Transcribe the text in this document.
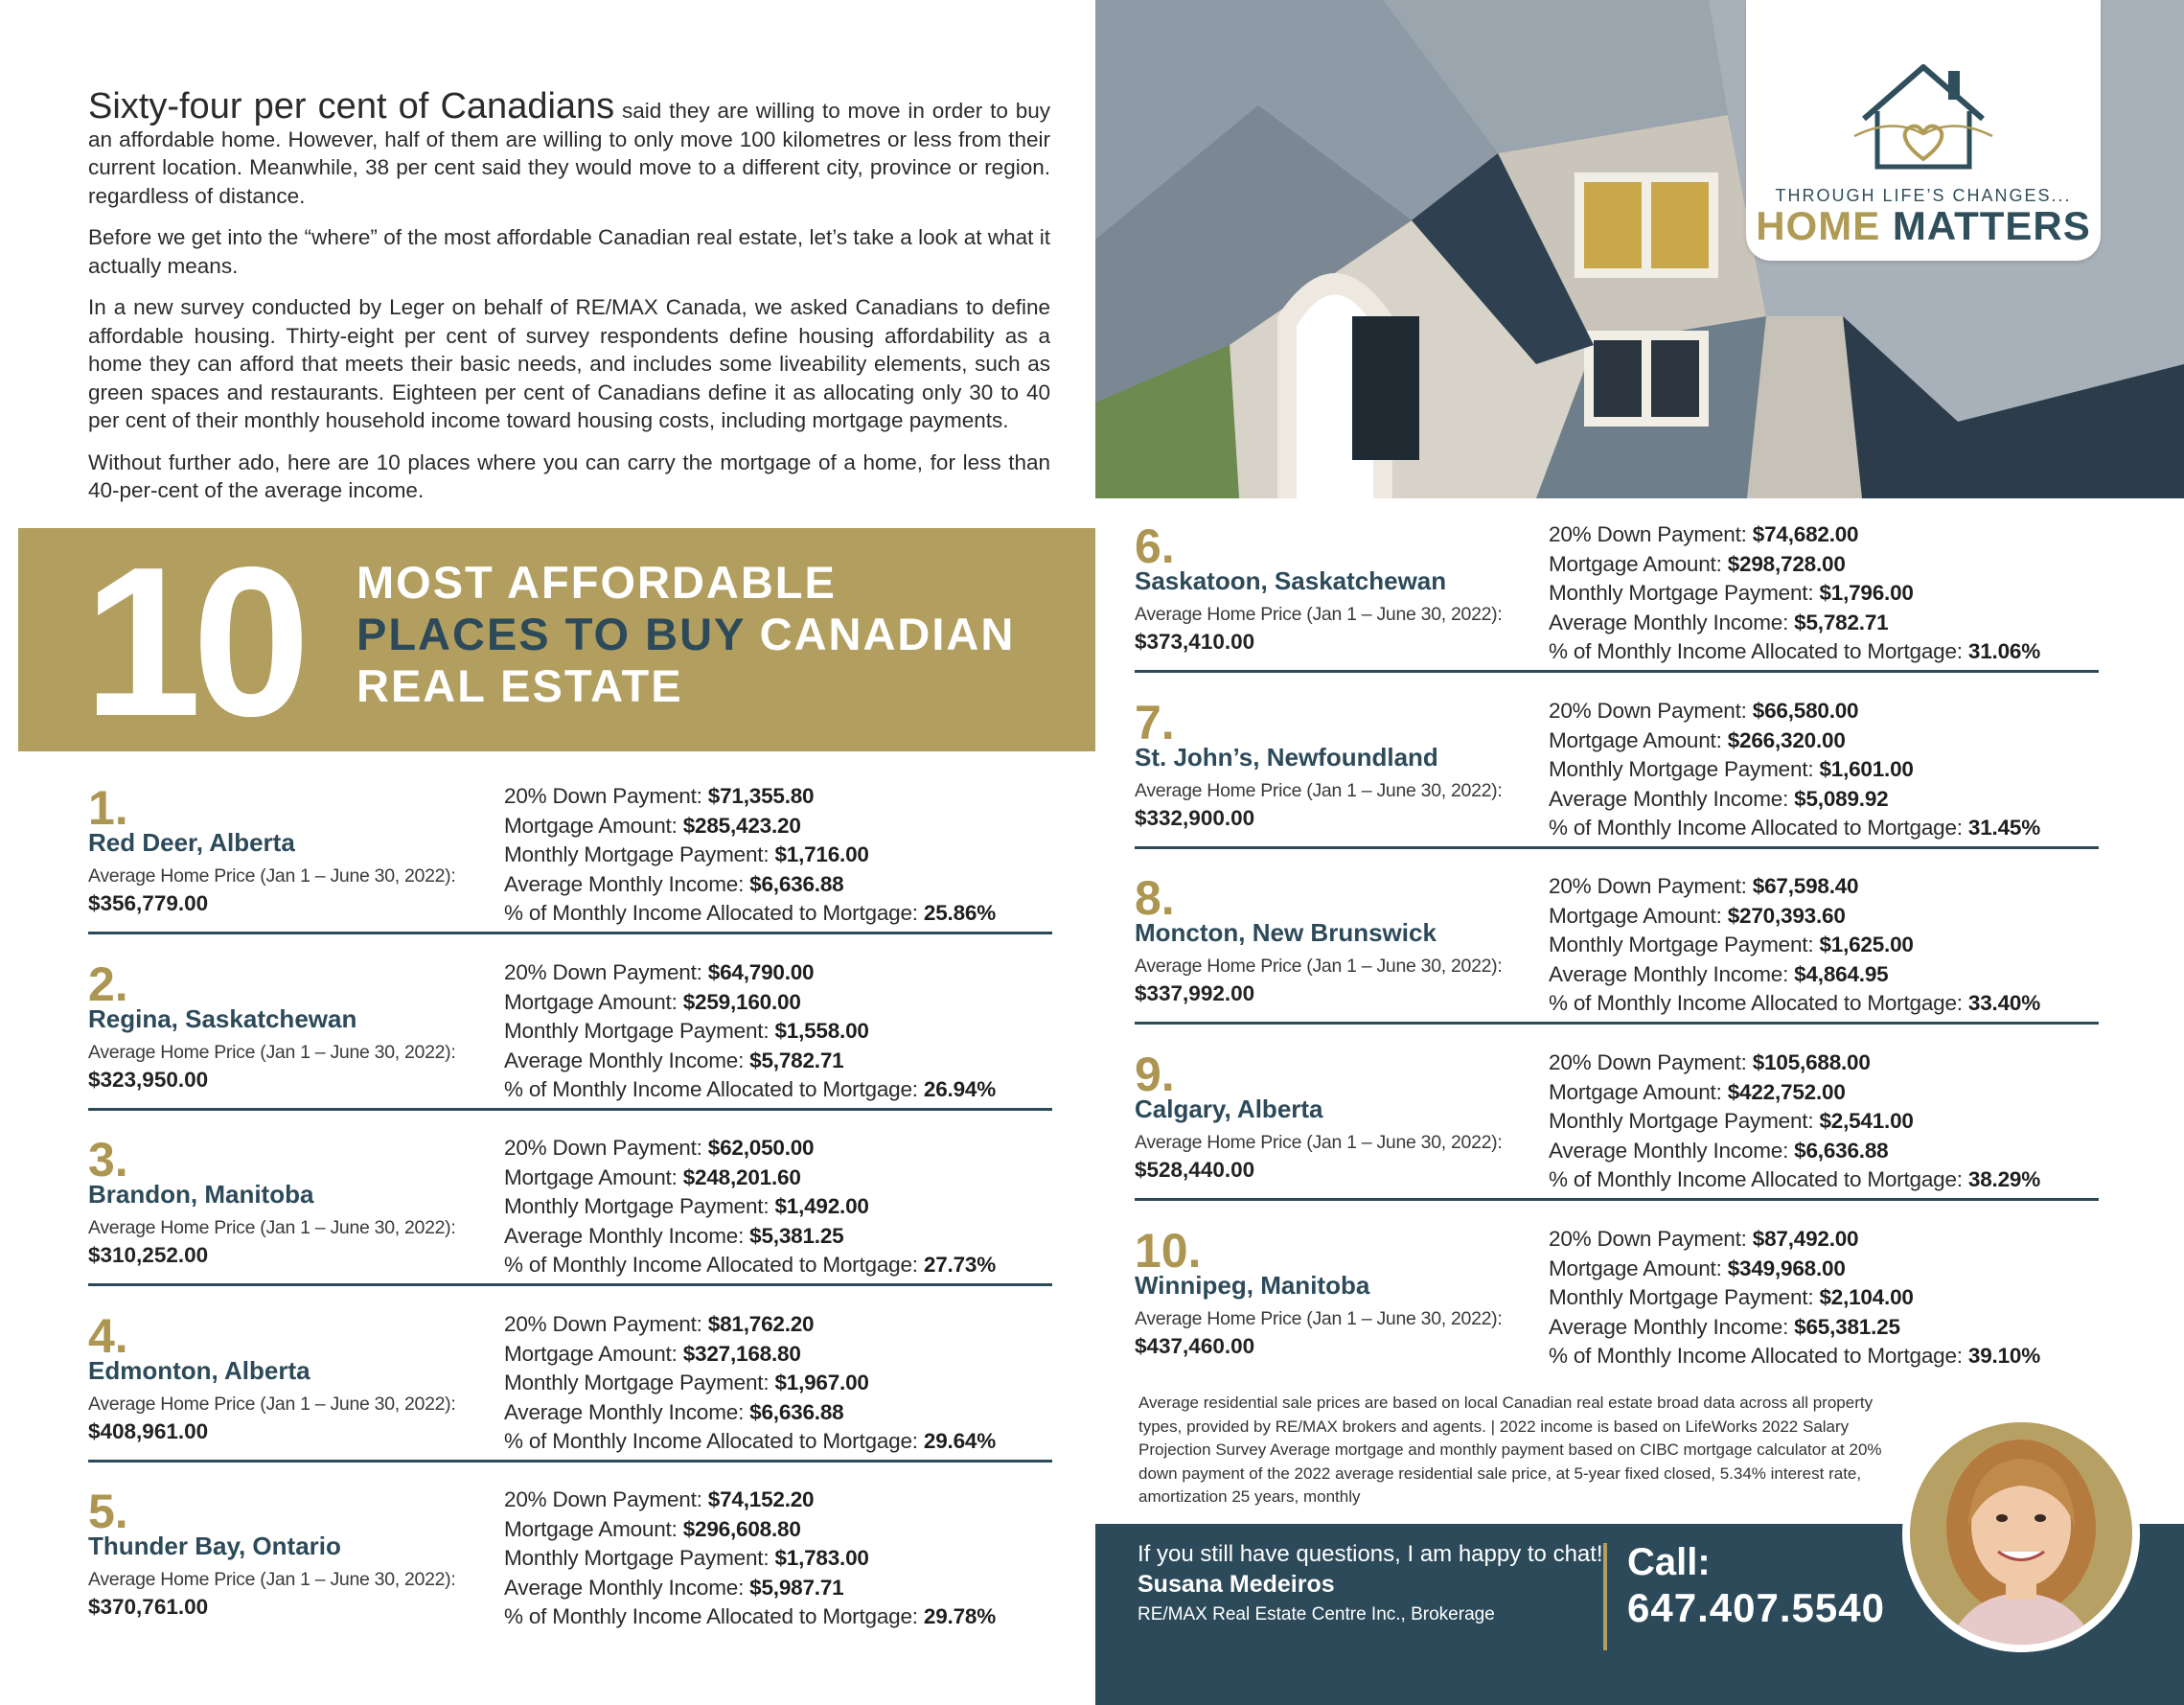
Sixty-four per cent of Canadians said they are willing to move in order to buy an affordable home. However, half of them are willing to only move 100 kilometres or less from their current location. Meanwhile, 38 per cent said they would move to a different city, province or region. regardless of distance.

Before we get into the “where” of the most affordable Canadian real estate, let’s take a look at what it actually means.

In a new survey conducted by Leger on behalf of RE/MAX Canada, we asked Canadians to define affordable housing. Thirty-eight per cent of survey respondents define housing affordability as a home they can afford that meets their basic needs, and includes some liveability elements, such as green spaces and restaurants. Eighteen per cent of Canadians define it as allocating only 30 to 40 per cent of their monthly household income toward housing costs, including mortgage payments.

Without further ado, here are 10 places where you can carry the mortgage of a home, for less than 40-per-cent of the average income.

THROUGH LIFE’S CHANGES...
HOME MATTERS
10 MOST AFFORDABLE
PLACES TO BUY CANADIAN
REAL ESTATE
1.
Red Deer, Alberta
Average Home Price (Jan 1 – June 30, 2022):
$356,779.00
20% Down Payment: $71,355.80
Mortgage Amount: $285,423.20
Monthly Mortgage Payment: $1,716.00
Average Monthly Income: $6,636.88
% of Monthly Income Allocated to Mortgage: 25.86%
2.
Regina, Saskatchewan
Average Home Price (Jan 1 – June 30, 2022):
$323,950.00
20% Down Payment: $64,790.00
Mortgage Amount: $259,160.00
Monthly Mortgage Payment: $1,558.00
Average Monthly Income: $5,782.71
% of Monthly Income Allocated to Mortgage: 26.94%
3.
Brandon, Manitoba
Average Home Price (Jan 1 – June 30, 2022):
$310,252.00
20% Down Payment: $62,050.00
Mortgage Amount: $248,201.60
Monthly Mortgage Payment: $1,492.00
Average Monthly Income: $5,381.25
% of Monthly Income Allocated to Mortgage: 27.73%
4.
Edmonton, Alberta
Average Home Price (Jan 1 – June 30, 2022):
$408,961.00
20% Down Payment: $81,762.20
Mortgage Amount: $327,168.80
Monthly Mortgage Payment: $1,967.00
Average Monthly Income: $6,636.88
% of Monthly Income Allocated to Mortgage: 29.64%
5.
Thunder Bay, Ontario
Average Home Price (Jan 1 – June 30, 2022):
$370,761.00
20% Down Payment: $74,152.20
Mortgage Amount: $296,608.80
Monthly Mortgage Payment: $1,783.00
Average Monthly Income: $5,987.71
% of Monthly Income Allocated to Mortgage: 29.78%
6.
Saskatoon, Saskatchewan
Average Home Price (Jan 1 – June 30, 2022):
$373,410.00
20% Down Payment: $74,682.00
Mortgage Amount: $298,728.00
Monthly Mortgage Payment: $1,796.00
Average Monthly Income: $5,782.71
% of Monthly Income Allocated to Mortgage: 31.06%
7.
St. John’s, Newfoundland
Average Home Price (Jan 1 – June 30, 2022):
$332,900.00
20% Down Payment: $66,580.00
Mortgage Amount: $266,320.00
Monthly Mortgage Payment: $1,601.00
Average Monthly Income: $5,089.92
% of Monthly Income Allocated to Mortgage: 31.45%
8.
Moncton, New Brunswick
Average Home Price (Jan 1 – June 30, 2022):
$337,992.00
20% Down Payment: $67,598.40
Mortgage Amount: $270,393.60
Monthly Mortgage Payment: $1,625.00
Average Monthly Income: $4,864.95
% of Monthly Income Allocated to Mortgage: 33.40%
9.
Calgary, Alberta
Average Home Price (Jan 1 – June 30, 2022):
$528,440.00
20% Down Payment: $105,688.00
Mortgage Amount: $422,752.00
Monthly Mortgage Payment: $2,541.00
Average Monthly Income: $6,636.88
% of Monthly Income Allocated to Mortgage: 38.29%
10.
Winnipeg, Manitoba
Average Home Price (Jan 1 – June 30, 2022):
$437,460.00
20% Down Payment: $87,492.00
Mortgage Amount: $349,968.00
Monthly Mortgage Payment: $2,104.00
Average Monthly Income: $65,381.25
% of Monthly Income Allocated to Mortgage: 39.10%
Average residential sale prices are based on local Canadian real estate broad data across all property types, provided by RE/MAX brokers and agents. | 2022 income is based on LifeWorks 2022 Salary Projection Survey Average mortgage and monthly payment based on CIBC mortgage calculator at 20% down payment of the 2022 average residential sale price, at 5-year fixed closed, 5.34% interest rate, amortization 25 years, monthly
If you still have questions, I am happy to chat!
Susana Medeiros
RE/MAX Real Estate Centre Inc., Brokerage
Call:
647.407.5540
